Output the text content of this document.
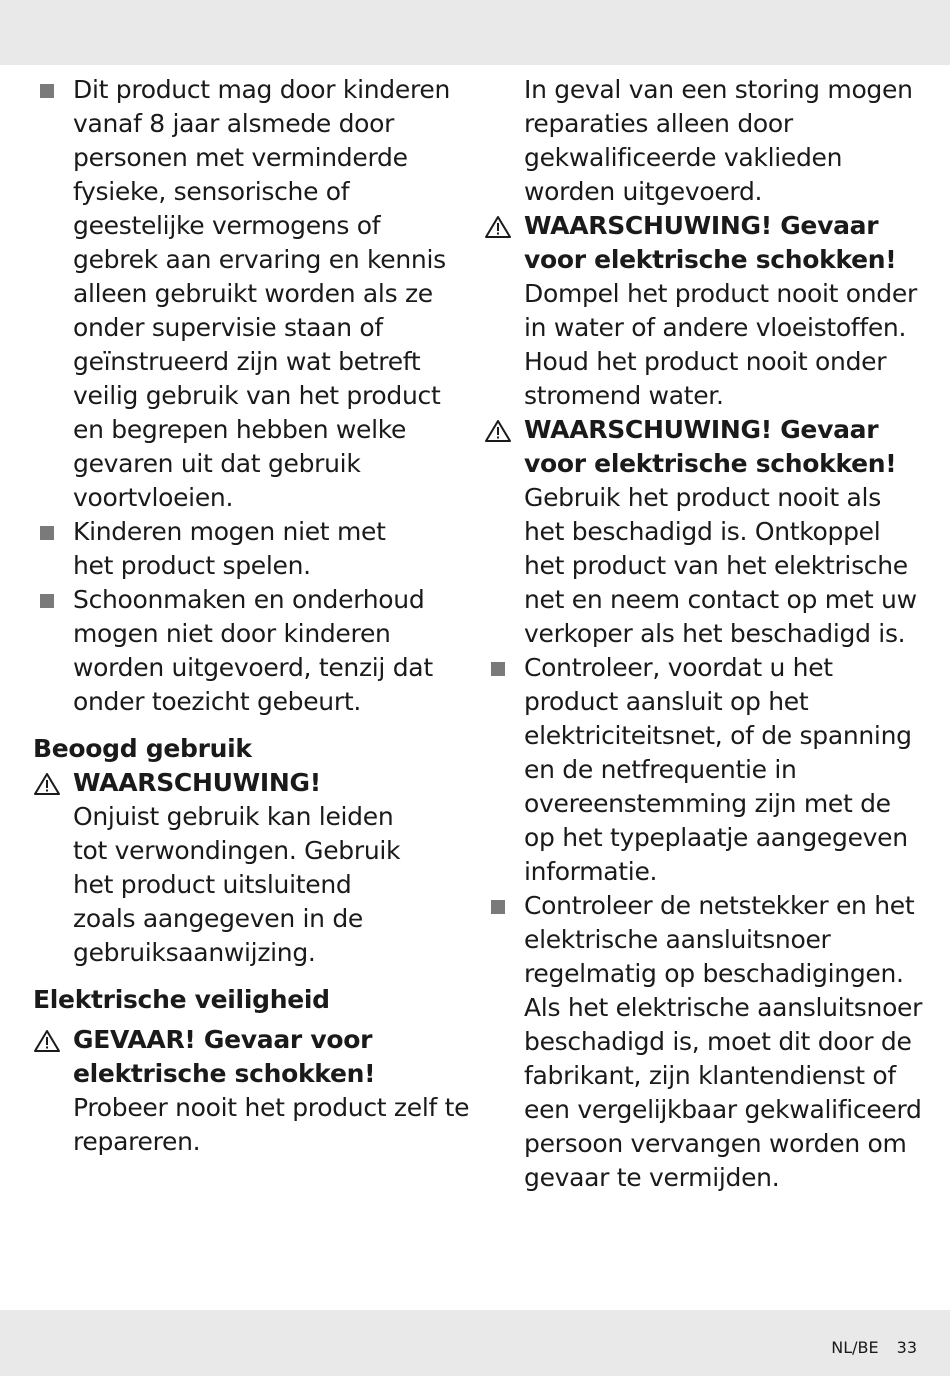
Dit product mag door kinderen vanaf 8 jaar alsmede door personen met verminderde fysieke, sensorische of geestelijke vermogens of gebrek aan ervaring en kennis alleen gebruikt worden als ze onder supervisie staan of geïnstrueerd zijn wat betreft veilig gebruik van het product en begrepen hebben welke gevaren uit dat gebruik voortvloeien.
Kinderen mogen niet met het product spelen.
Schoonmaken en onderhoud mogen niet door kinderen worden uitgevoerd, tenzij dat onder toezicht gebeurt.

Beoogd gebruik

WAARSCHUWING!
Onjuist gebruik kan leiden tot verwondingen. Gebruik het product uitsluitend zoals aangegeven in de gebruiksaanwijzing.

Elektrische veiligheid

GEVAAR! Gevaar voor elektrische schokken!
Probeer nooit het product zelf te repareren.
In geval van een storing mogen reparaties alleen door gekwalificeerde vaklieden worden uitgevoerd.
WAARSCHUWING! Gevaar voor elektrische schokken!
Dompel het product nooit onder in water of andere vloeistoffen. Houd het product nooit onder stromend water.
WAARSCHUWING! Gevaar voor elektrische schokken!
Gebruik het product nooit als het beschadigd is. Ontkoppel het product van het elektrische net en neem contact op met uw verkoper als het beschadigd is.
Controleer, voordat u het product aansluit op het elektriciteitsnet, of de spanning en de netfrequentie in overeenstemming zijn met de op het typeplaatje aangegeven informatie.
Controleer de netstekker en het elektrische aansluitsnoer regelmatig op beschadigingen. Als het elektrische aansluitsnoer beschadigd is, moet dit door de fabrikant, zijn klantendienst of een vergelijkbaar gekwalificeerd persoon vervangen worden om gevaar te vermijden.
NL/BE 33
